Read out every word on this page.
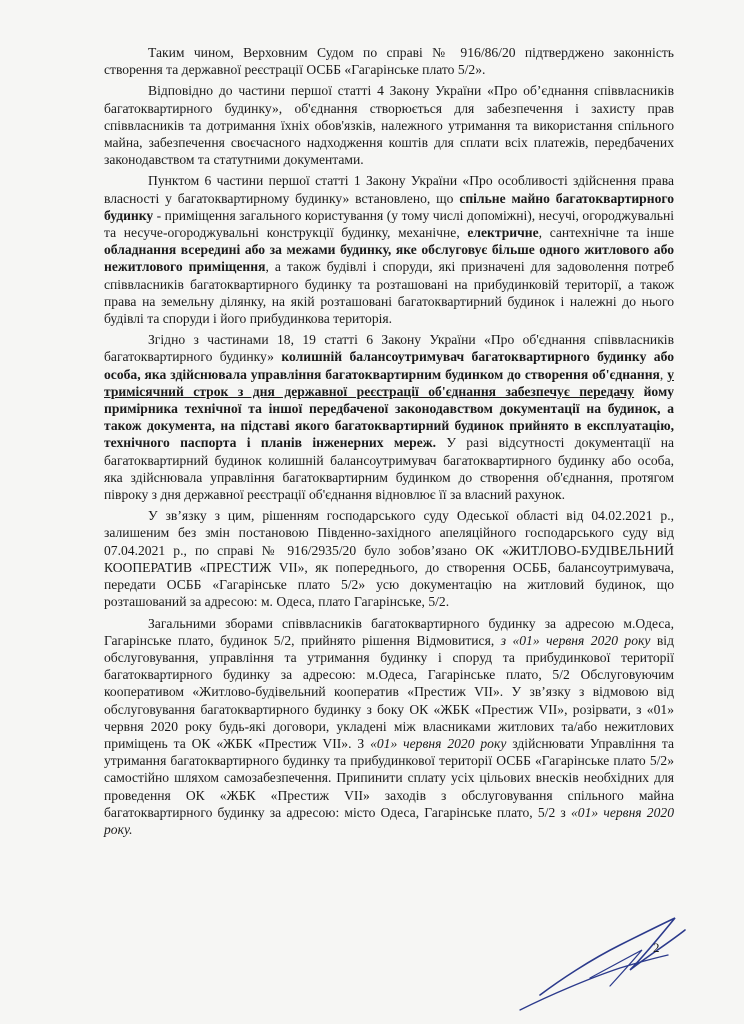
Таким чином, Верховним Судом по справі № 916/86/20 підтверджено законність створення та державної реєстрації ОСББ «Гагарінське плато 5/2».

Відповідно до частини першої статті 4 Закону України «Про об’єднання співвласників багатоквартирного будинку», об'єднання створюється для забезпечення і захисту прав співвласників та дотримання їхніх обов'язків, належного утримання та використання спільного майна, забезпечення своєчасного надходження коштів для сплати всіх платежів, передбачених законодавством та статутними документами.

Пунктом 6 частини першої статті 1 Закону України «Про особливості здійснення права власності у багатоквартирному будинку» встановлено, що спільне майно багатоквартирного будинку - приміщення загального користування (у тому числі допоміжні), несучі, огороджувальні та несуче-огороджувальні конструкції будинку, механічне, електричне, сантехнічне та інше обладнання всередині або за межами будинку, яке обслуговує більше одного житлового або нежитлового приміщення, а також будівлі і споруди, які призначені для задоволення потреб співвласників багатоквартирного будинку та розташовані на прибудинковій території, а також права на земельну ділянку, на якій розташовані багатоквартирний будинок і належні до нього будівлі та споруди і його прибудинкова територія.

Згідно з частинами 18, 19 статті 6 Закону України «Про об'єднання співвласників багатоквартирного будинку» колишній балансоутримувач багатоквартирного будинку або особа, яка здійснювала управління багатоквартирним будинком до створення об'єднання, у тримісячний строк з дня державної реєстрації об'єднання забезпечує передачу йому примірника технічної та іншої передбаченої законодавством документації на будинок, а також документа, на підставі якого багатоквартирний будинок прийнято в експлуатацію, технічного паспорта і планів інженерних мереж. У разі відсутності документації на багатоквартирний будинок колишній балансоутримувач багатоквартирного будинку або особа, яка здійснювала управління багатоквартирним будинком до створення об'єднання, протягом півроку з дня державної реєстрації об'єднання відновлює її за власний рахунок.

У зв’язку з цим, рішенням господарського суду Одеської області від 04.02.2021 р., залишеним без змін постановою Південно-західного апеляційного господарського суду від 07.04.2021 р., по справі № 916/2935/20 було зобов’язано ОК «ЖИТЛОВО-БУДІВЕЛЬНИЙ КООПЕРАТИВ «ПРЕСТИЖ VII», як попереднього, до створення ОСББ, балансоутримувача, передати ОСББ «Гагарінське плато 5/2» усю документацію на житловий будинок, що розташований за адресою: м. Одеса, плато Гагарінське, 5/2.

Загальними зборами співвласників багатоквартирного будинку за адресою м.Одеса, Гагарінське плато, будинок 5/2, прийнято рішення Відмовитися, з «01» червня 2020 року від обслуговування, управління та утримання будинку і споруд та прибудинкової території багатоквартирного будинку за адресою: м.Одеса, Гагарінське плато, 5/2 Обслуговуючим кооперативом «Житлово-будівельний кооператив «Престиж VII». У зв’язку з відмовою від обслуговування багатоквартирного будинку з боку ОК «ЖБК «Престиж VII», розірвати, з «01» червня 2020 року будь-які договори, укладені між власниками житлових та/або нежитлових приміщень та ОК «ЖБК «Престиж VII». З «01» червня 2020 року здійснювати Управління та утримання багатоквартирного будинку та прибудинкової території ОСББ «Гагарінське плато 5/2» самостійно шляхом самозабезпечення. Припинити сплату усіх цільових внесків необхідних для проведення ОК «ЖБК «Престиж VII» заходів з обслуговування спільного майна багатоквартирного будинку за адресою: місто Одеса, Гагарінське плато, 5/2 з «01» червня 2020 року.

2
